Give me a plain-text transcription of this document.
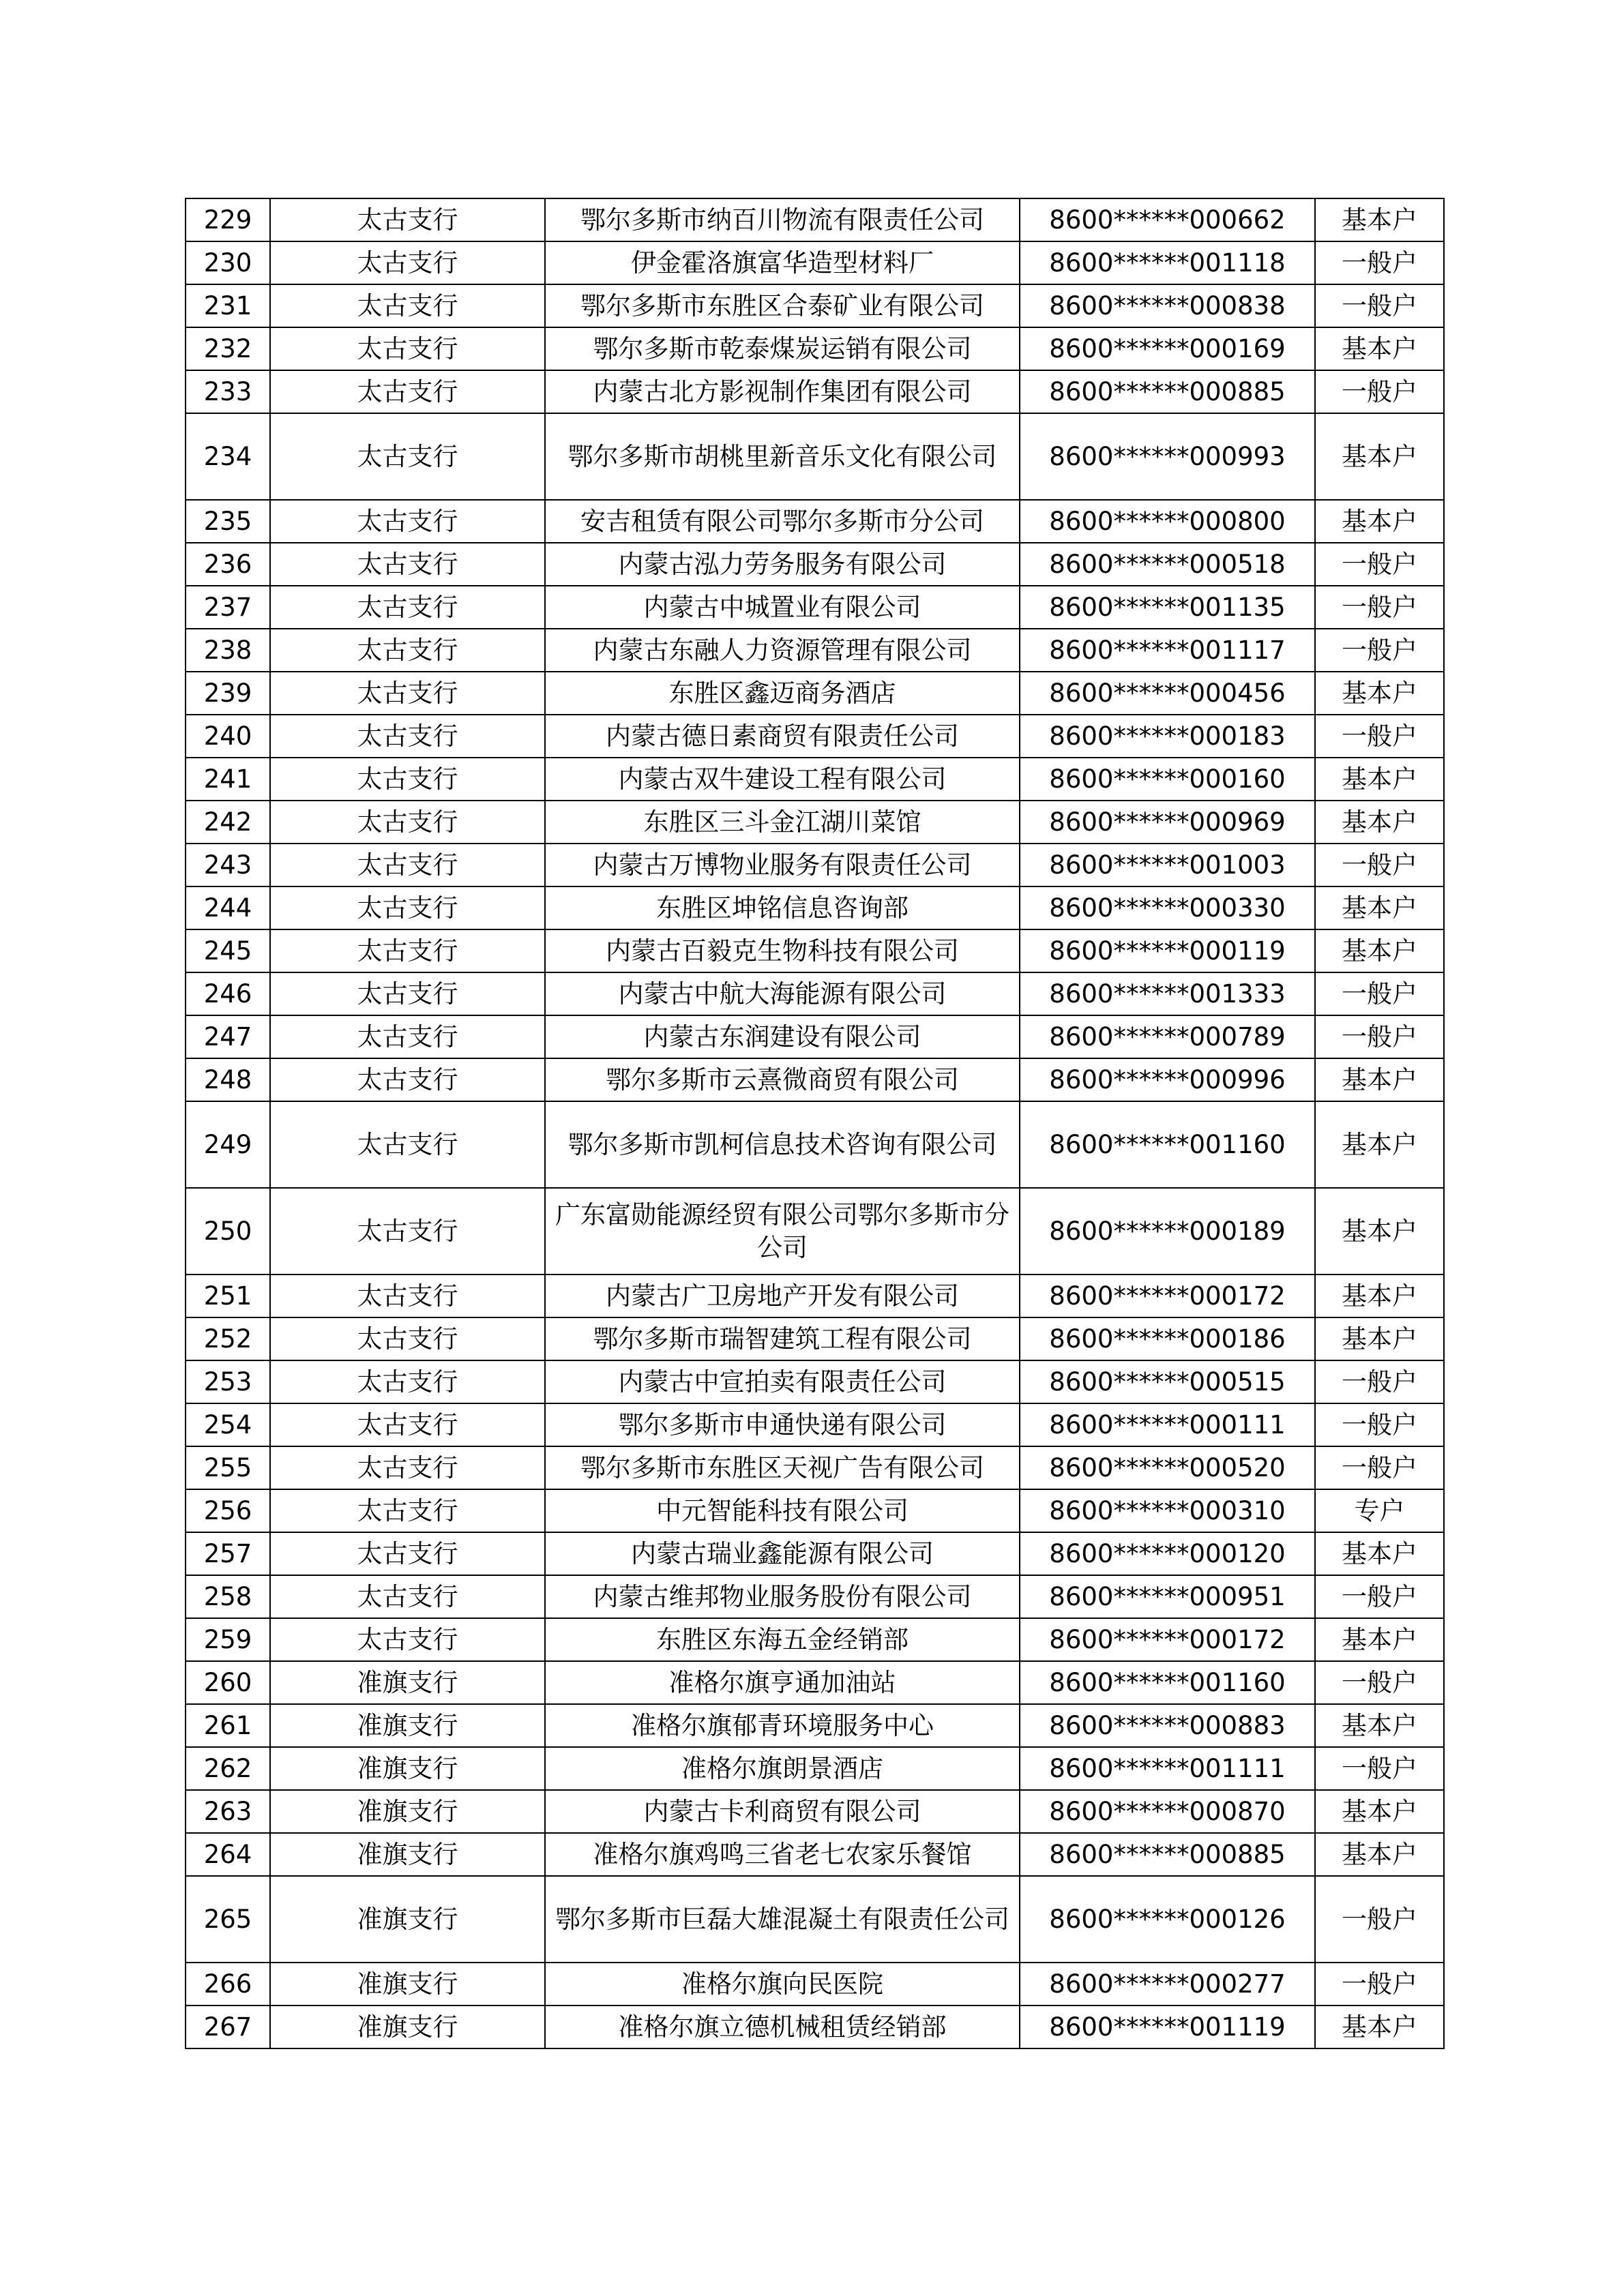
229	太古支行	鄂尔多斯市纳百川物流有限责任公司	8600******000662	基本户
230	太古支行	伊金霍洛旗富华造型材料厂	8600******001118	一般户
231	太古支行	鄂尔多斯市东胜区合泰矿业有限公司	8600******000838	一般户
232	太古支行	鄂尔多斯市乾泰煤炭运销有限公司	8600******000169	基本户
233	太古支行	内蒙古北方影视制作集团有限公司	8600******000885	一般户
234	太古支行	鄂尔多斯市胡桃里新音乐文化有限公司	8600******000993	基本户
235	太古支行	安吉租赁有限公司鄂尔多斯市分公司	8600******000800	基本户
236	太古支行	内蒙古泓力劳务服务有限公司	8600******000518	一般户
237	太古支行	内蒙古中城置业有限公司	8600******001135	一般户
238	太古支行	内蒙古东融人力资源管理有限公司	8600******001117	一般户
239	太古支行	东胜区鑫迈商务酒店	8600******000456	基本户
240	太古支行	内蒙古德日素商贸有限责任公司	8600******000183	一般户
241	太古支行	内蒙古双牛建设工程有限公司	8600******000160	基本户
242	太古支行	东胜区三斗金江湖川菜馆	8600******000969	基本户
243	太古支行	内蒙古万博物业服务有限责任公司	8600******001003	一般户
244	太古支行	东胜区坤铭信息咨询部	8600******000330	基本户
245	太古支行	内蒙古百毅克生物科技有限公司	8600******000119	基本户
246	太古支行	内蒙古中航大海能源有限公司	8600******001333	一般户
247	太古支行	内蒙古东润建设有限公司	8600******000789	一般户
248	太古支行	鄂尔多斯市云熹微商贸有限公司	8600******000996	基本户
249	太古支行	鄂尔多斯市凯柯信息技术咨询有限公司	8600******001160	基本户
250	太古支行	广东富勋能源经贸有限公司鄂尔多斯市分公司	8600******000189	基本户
251	太古支行	内蒙古广卫房地产开发有限公司	8600******000172	基本户
252	太古支行	鄂尔多斯市瑞智建筑工程有限公司	8600******000186	基本户
253	太古支行	内蒙古中宣拍卖有限责任公司	8600******000515	一般户
254	太古支行	鄂尔多斯市申通快递有限公司	8600******000111	一般户
255	太古支行	鄂尔多斯市东胜区天视广告有限公司	8600******000520	一般户
256	太古支行	中元智能科技有限公司	8600******000310	专户
257	太古支行	内蒙古瑞业鑫能源有限公司	8600******000120	基本户
258	太古支行	内蒙古维邦物业服务股份有限公司	8600******000951	一般户
259	太古支行	东胜区东海五金经销部	8600******000172	基本户
260	准旗支行	准格尔旗亨通加油站	8600******001160	一般户
261	准旗支行	准格尔旗郁青环境服务中心	8600******000883	基本户
262	准旗支行	准格尔旗朗景酒店	8600******001111	一般户
263	准旗支行	内蒙古卡利商贸有限公司	8600******000870	基本户
264	准旗支行	准格尔旗鸡鸣三省老七农家乐餐馆	8600******000885	基本户
265	准旗支行	鄂尔多斯市巨磊大雄混凝土有限责任公司	8600******000126	一般户
266	准旗支行	准格尔旗向民医院	8600******000277	一般户
267	准旗支行	准格尔旗立德机械租赁经销部	8600******001119	基本户
